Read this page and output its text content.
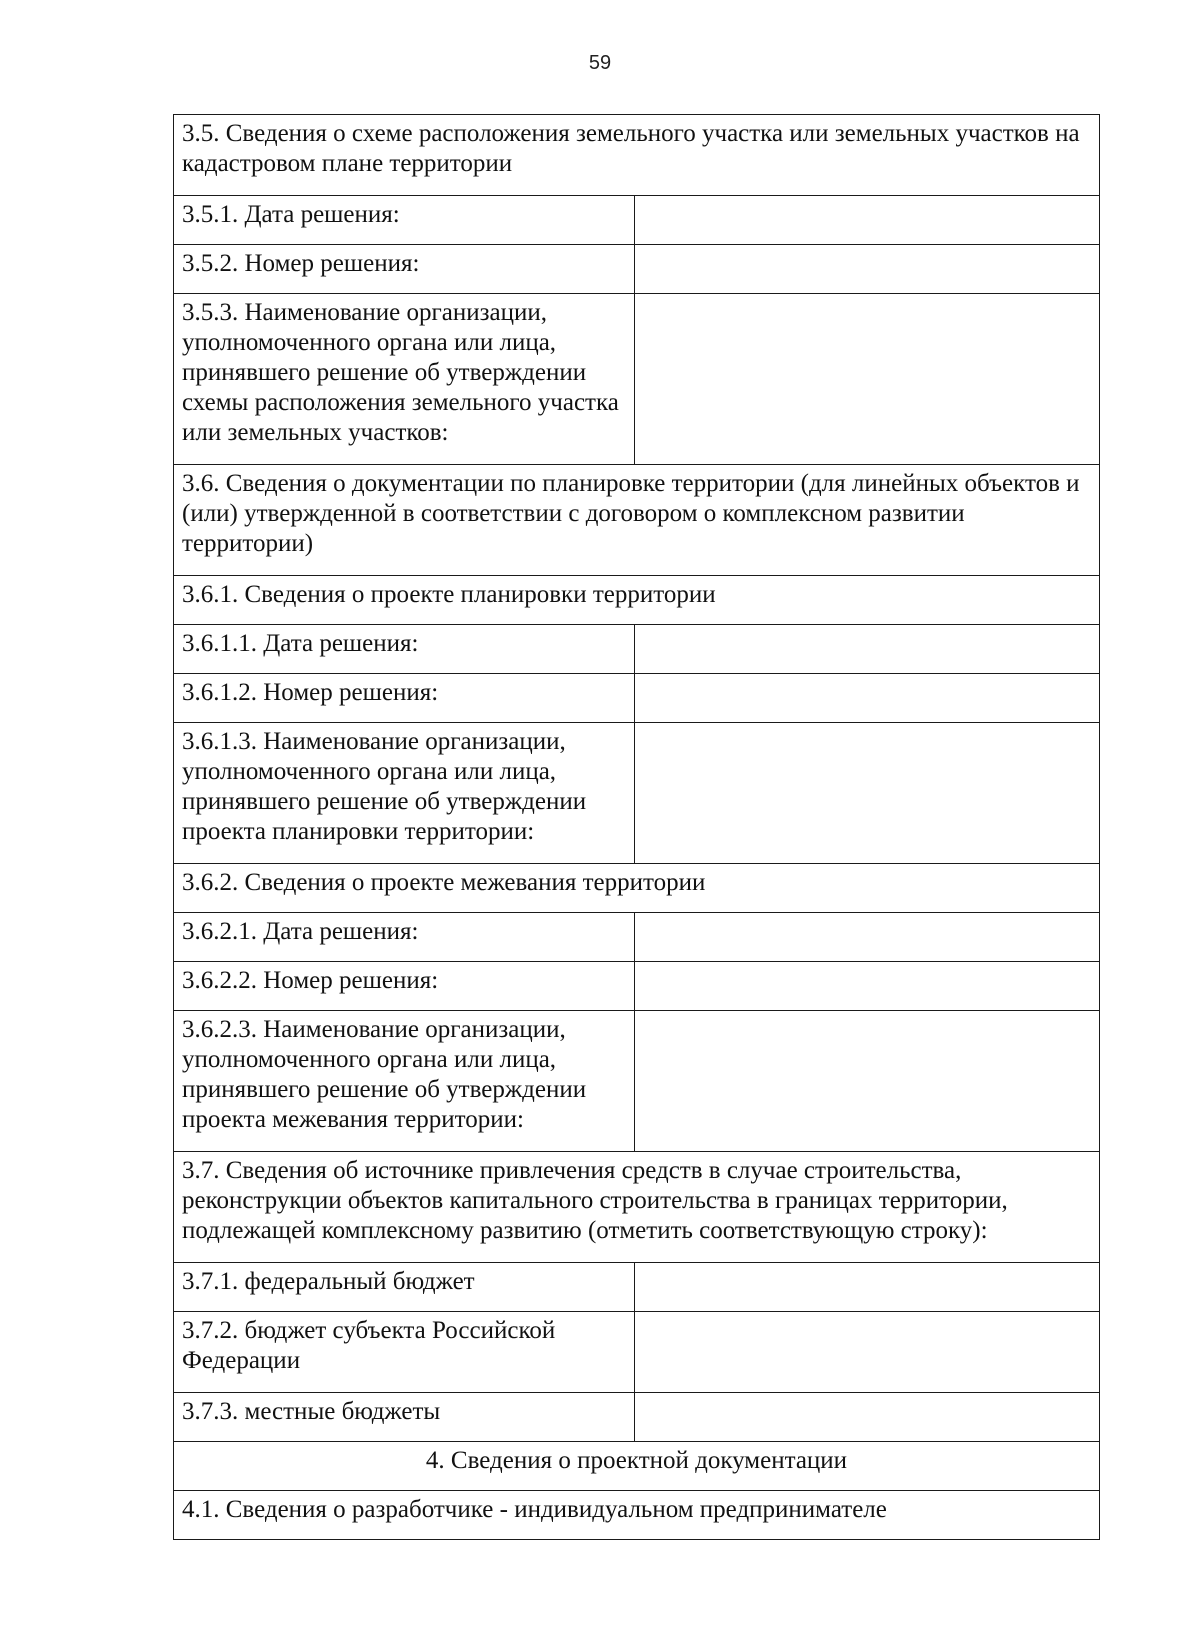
59
3.5. Сведения о схеме расположения земельного участка или земельных участков на кадастровом плане территории	
3.5.1. Дата решения:	
3.5.2. Номер решения:	
3.5.3. Наименование организации, уполномоченного органа или лица, принявшего решение об утверждении схемы расположения земельного участка или земельных участков:	
3.6. Сведения о документации по планировке территории (для линейных объектов и (или) утвержденной в соответствии с договором о комплексном развитии территории)	
3.6.1. Сведения о проекте планировки территории	
3.6.1.1. Дата решения:	
3.6.1.2. Номер решения:	
3.6.1.3. Наименование организации, уполномоченного органа или лица, принявшего решение об утверждении проекта планировки территории:	
3.6.2. Сведения о проекте межевания территории	
3.6.2.1. Дата решения:	
3.6.2.2. Номер решения:	
3.6.2.3. Наименование организации, уполномоченного органа или лица, принявшего решение об утверждении проекта межевания территории:	
3.7. Сведения об источнике привлечения средств в случае строительства, реконструкции объектов капитального строительства в границах территории, подлежащей комплексному развитию (отметить соответствующую строку):	
3.7.1. федеральный бюджет	
3.7.2. бюджет субъекта Российской Федерации	
3.7.3. местные бюджеты	
4. Сведения о проектной документации	
4.1. Сведения о разработчике - индивидуальном предпринимателе	
